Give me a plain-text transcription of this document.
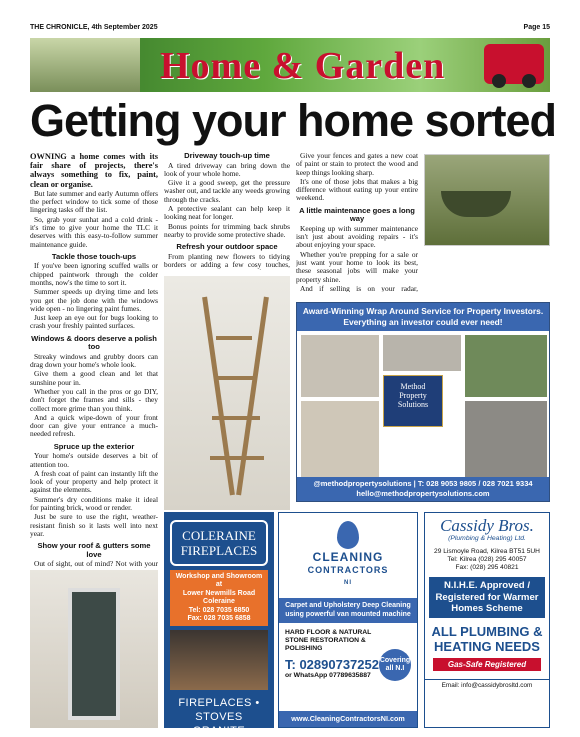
THE CHRONICLE, 4th September 2025	Page 15
Home & Garden
Getting your home sorted

OWNING a home comes with its fair share of projects, there's always something to fix, paint, clean or organise.

But late summer and early Autumn offers the perfect window to tick some of those lingering tasks off the list.

So, grab your sunhat and a cold drink - it's time to give your home the TLC it deserves with this easy-to-follow summer maintenance guide.

Tackle those touch-ups

If you've been ignoring scuffed walls or chipped paintwork through the colder months, now's the time to sort it.

Summer speeds up drying time and lets you get the job done with the windows wide open - no lingering paint fumes.

Just keep an eye out for bugs looking to crash your freshly painted surfaces.

Windows & doors deserve a polish too

Streaky windows and grubby doors can drag down your home's whole look.

Give them a good clean and let that sunshine pour in.

Whether you call in the pros or go DIY, don't forget the frames and sills - they collect more grime than you think.

And a quick wipe-down of your front door can give your entrance a much-needed refresh.

Spruce up the exterior

Your home's outside deserves a bit of attention too.

A fresh coat of paint can instantly lift the look of your property and help protect it against the elements.

Summer's dry conditions make it ideal for painting brick, wood or render.

Just be sure to use the right, weather-resistant finish so it lasts well into next year.

Show your roof & gutters some love

Out of sight, out of mind? Not with your

Driveway touch-up time

A tired driveway can bring down the look of your whole home.

Give it a good sweep, get the pressure washer out, and tackle any weeds growing through the cracks.

A protective sealant can help keep it looking neat for longer.

Bonus points for trimming back shrubs nearby to provide some protective shade.

Refresh your outdoor space

From planting new flowers to tidying borders or adding a few cosy touches,

Give your fences and gates a new coat of paint or stain to protect the wood and keep things looking sharp.

It's one of those jobs that makes a big difference without eating up your entire weekend.

A little maintenance goes a long way

Keeping up with summer maintenance isn't just about avoiding repairs - it's about enjoying your space.

Whether you're prepping for a sale or just want your home to look its best, these seasonal jobs will make your property shine.

And if selling is on your radar,

Award-Winning Wrap Around Service for Property Investors. Everything an investor could ever need!
Method
Property
Solutions
@methodpropertysolutions | T: 028 9053 9805 / 028 7021 9334
hello@methodpropertysolutions.com
COLERAINE FIREPLACES
Workshop and Showroom at
Lower Newmills Road
Coleraine
Tel: 028 7035 6850
Fax: 028 7035 6858
FIREPLACES • STOVES
GRANITE
CLEANING
CONTRACTORS
NI
Carpet and Upholstery Deep Cleaning using powerful van mounted machine
HARD FLOOR & NATURAL STONE RESTORATION & POLISHING
Covering all N.I
T: 02890737252
or WhatsApp 07789635887
www.CleaningContractorsNI.com
Cassidy Bros.
(Plumbing & Heating) Ltd.
29 Lismoyle Road, Kilrea BT51 5UH
Tel: Kilrea (028) 295 40057
Fax: (028) 295 40821
N.I.H.E. Approved / Registered for Warmer Homes Scheme
ALL PLUMBING & HEATING NEEDS
Gas-Safe Registered
Email: info@cassidybrosltd.com
